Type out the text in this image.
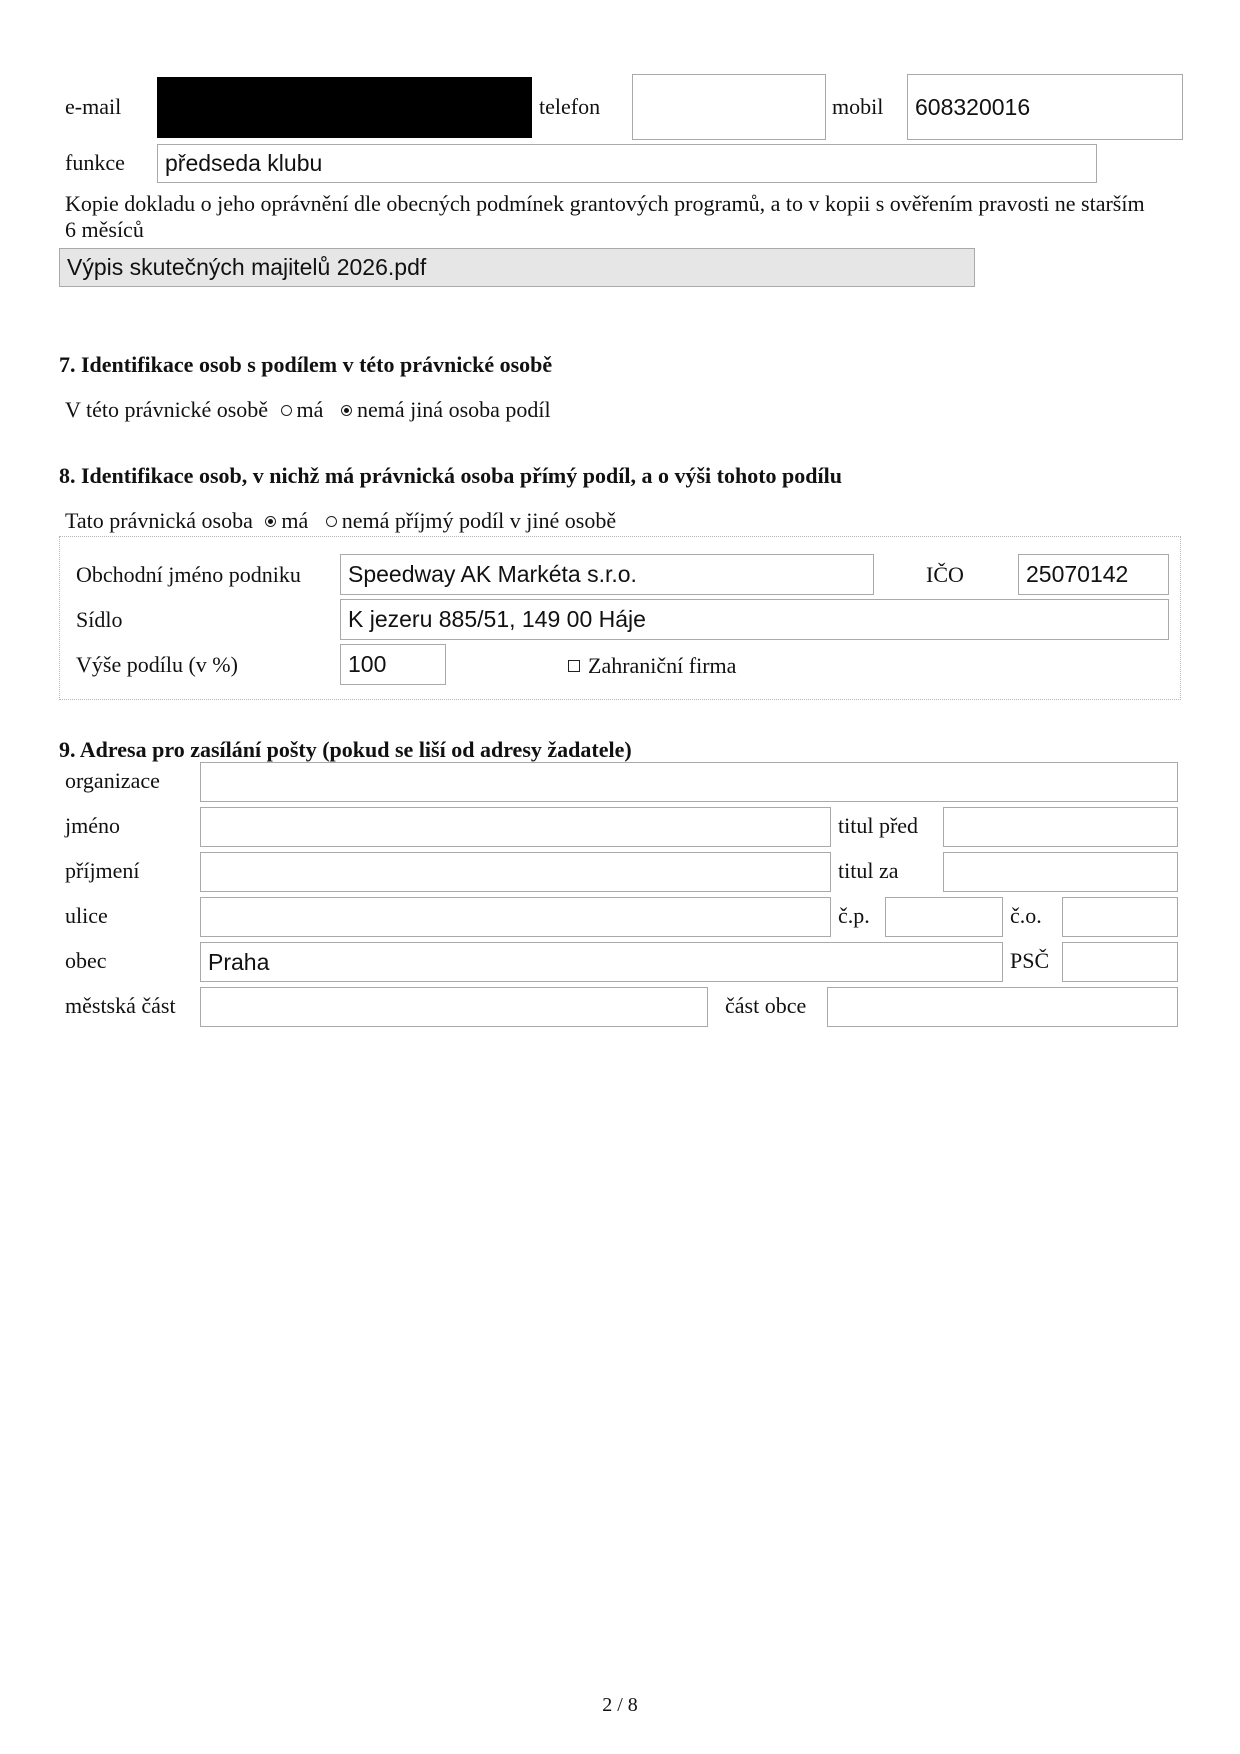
e-mail	telefon	mobil	608320016
funkce	předseda klubu
Kopie dokladu o jeho oprávnění dle obecných podmínek grantových programů, a to v kopii s ověřením pravosti ne starším 6 měsíců
Výpis skutečných majitelů 2026.pdf
7. Identifikace osob s podílem v této právnické osobě
V této právnické osobě má nemá jiná osoba podíl
8. Identifikace osob, v nichž má právnická osoba přímý podíl, a o výši tohoto podílu
Tato právnická osoba má nemá příjmý podíl v jiné osobě
Obchodní jméno podniku	Speedway AK Markéta s.r.o.	IČO	25070142
Sídlo	K jezeru 885/51, 149 00 Háje
Výše podílu (v %)	100	Zahraniční firma
9. Adresa pro zasílání pošty (pokud se liší od adresy žadatele)
organizace
jméno	titul před
příjmení	titul za
ulice	č.p.	č.o.
obec	Praha	PSČ
městská část	část obce
2 / 8
